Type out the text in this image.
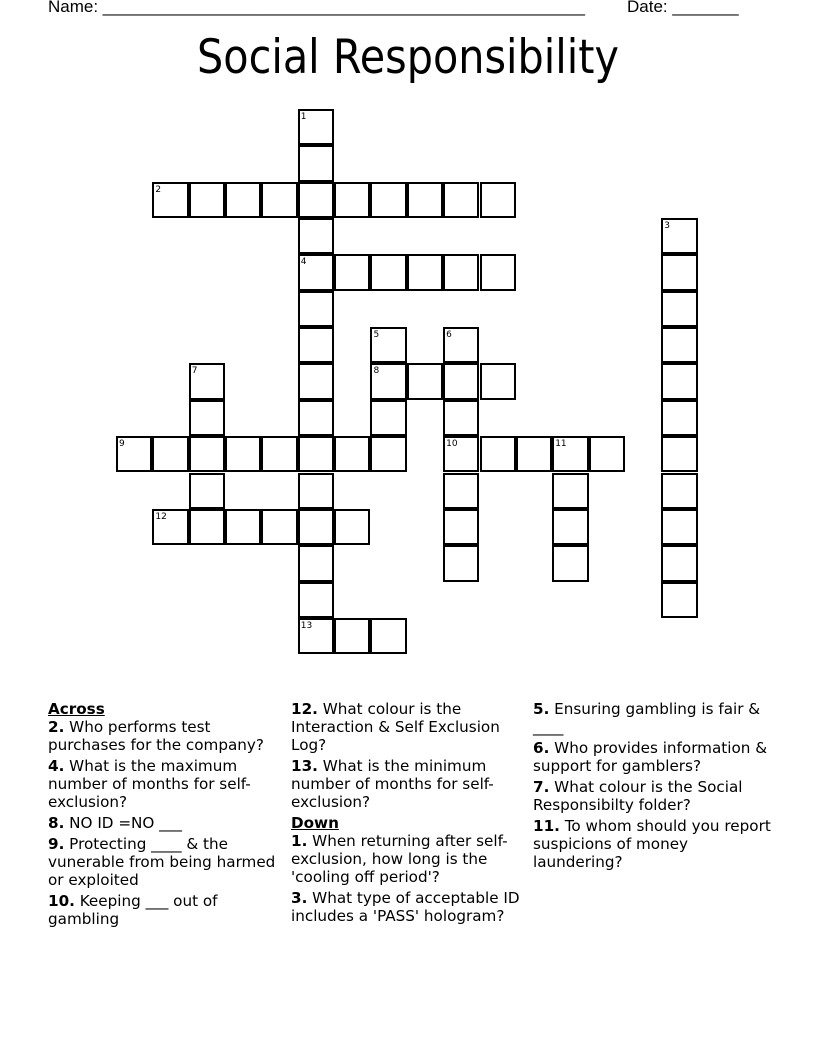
Name: ___________________________________________________ Date: _______
Social Responsibility
1
4
13
2
3
5
8
6
10
7
9	11
12
Across
2. Who performs test purchases for the company?
4. What is the maximum number of months for self-exclusion?
8. NO ID =NO ___
9. Protecting ____ & the vunerable from being harmed or exploited
10. Keeping ___ out of gambling
12. What colour is the Interaction & Self Exclusion Log?
13. What is the minimum number of months for self-exclusion?
Down
1. When returning after self-exclusion, how long is the 'cooling off period'?
3. What type of acceptable ID includes a 'PASS' hologram?
5. Ensuring gambling is fair & ____
6. Who provides information & support for gamblers?
7. What colour is the Social Responsibilty folder?
11. To whom should you report suspicions of money laundering?
